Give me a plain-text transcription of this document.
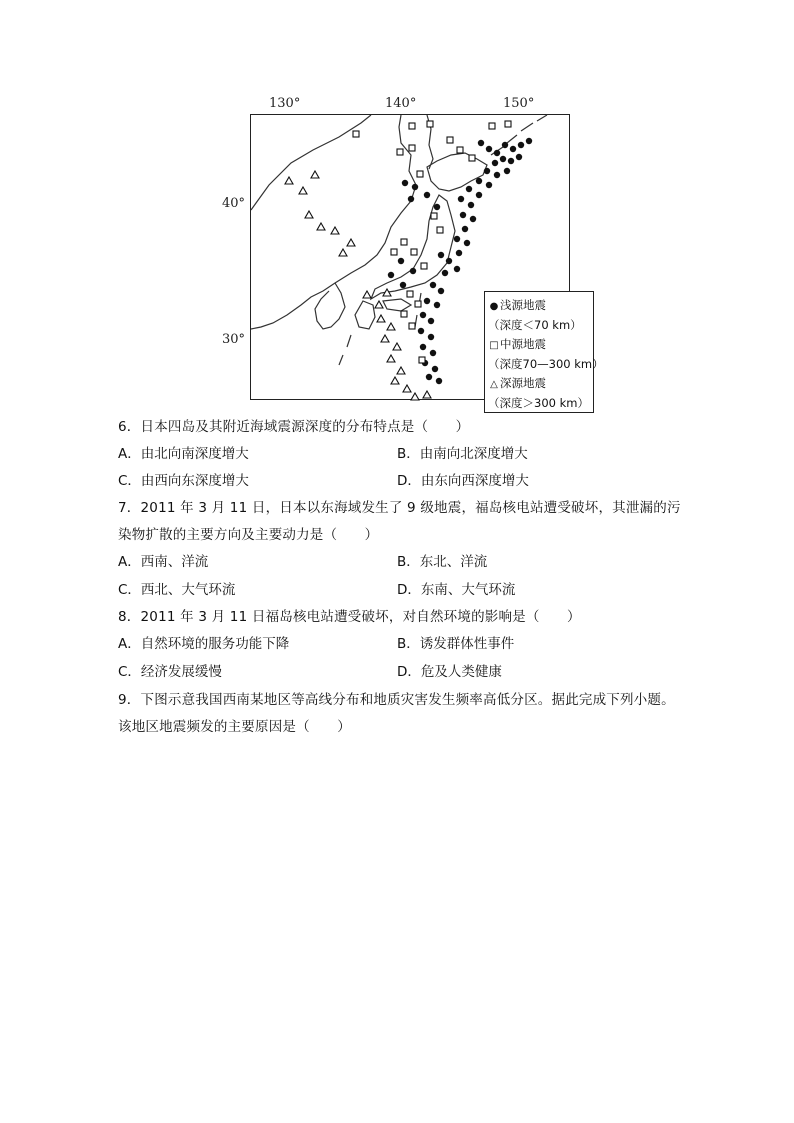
130°	140°	150°
40°
30°
● 浅源地震
（深度＜70 km）
□中源地震
（深度70—300 km）
△ 深源地震
（深度＞300 km）
6．日本四岛及其附近海域震源深度的分布特点是（　　）
A．由北向南深度增大	B．由南向北深度增大
C．由西向东深度增大	D．由东向西深度增大
7．2011 年 3 月 11 日，日本以东海域发生了 9 级地震，福岛核电站遭受破坏，其泄漏的污
染物扩散的主要方向及主要动力是（　　）
A．西南、洋流	B．东北、洋流
C．西北、大气环流	D．东南、大气环流
8．2011 年 3 月 11 日福岛核电站遭受破坏，对自然环境的影响是（　　）
A．自然环境的服务功能下降	B．诱发群体性事件
C．经济发展缓慢	D．危及人类健康
9．下图示意我国西南某地区等高线分布和地质灾害发生频率高低分区。据此完成下列小题。
该地区地震频发的主要原因是（　　）
